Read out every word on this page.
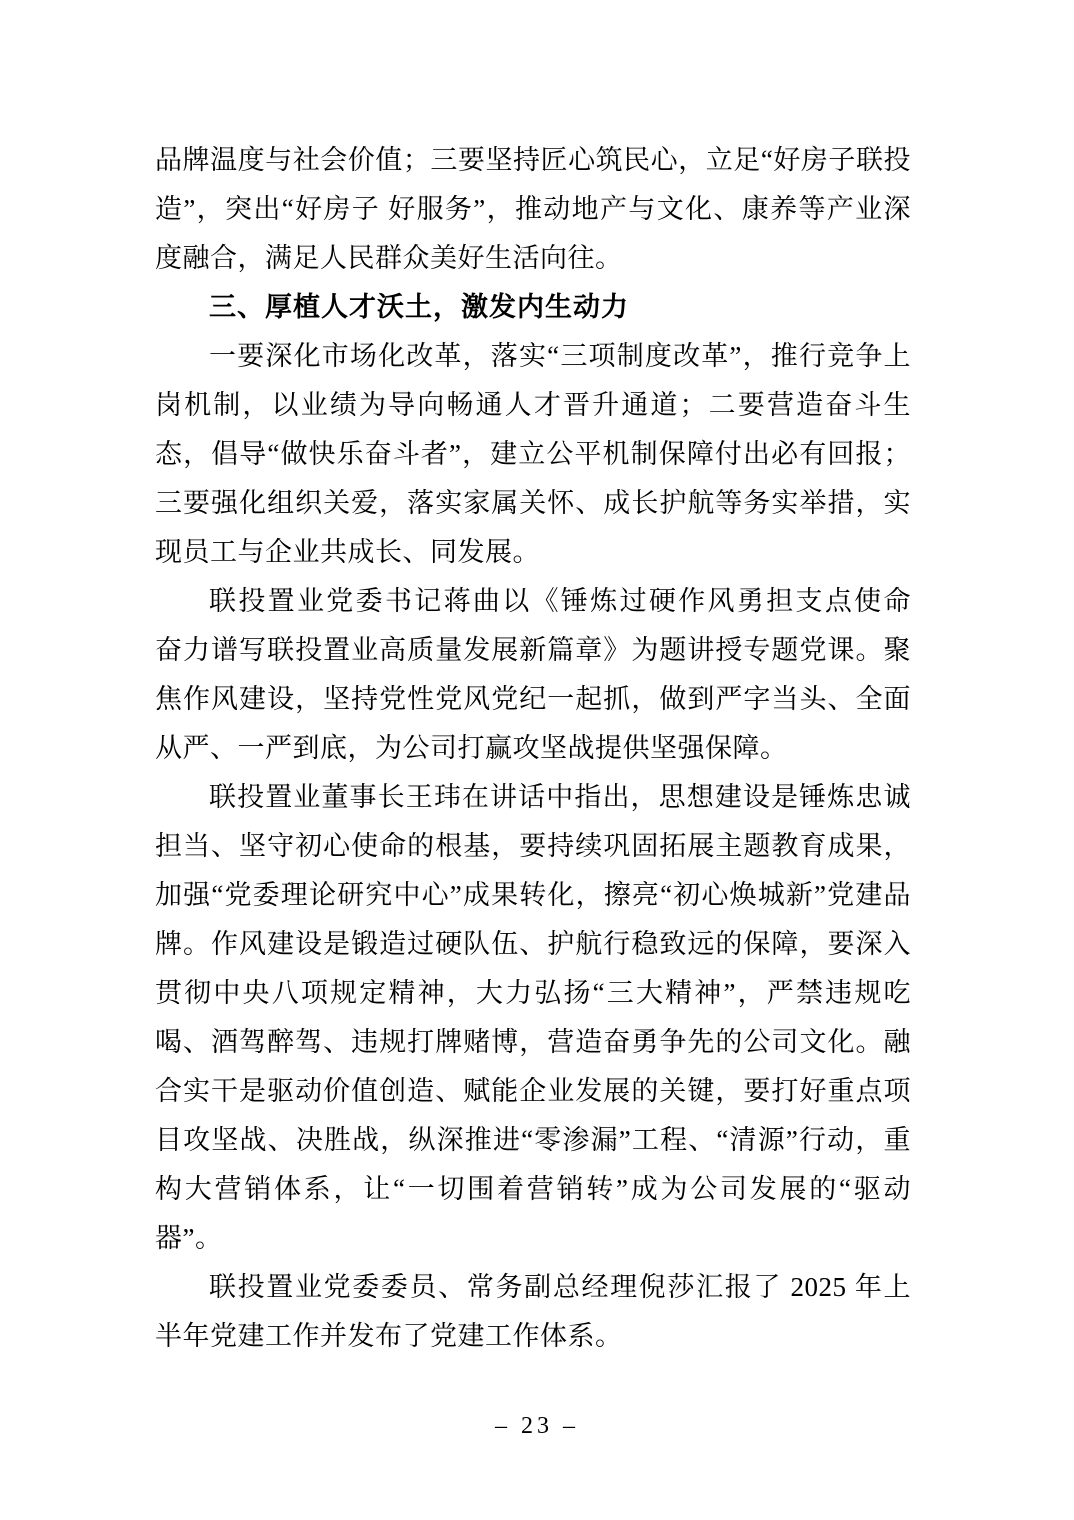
品牌温度与社会价值；三要坚持匠心筑民心，立足“好房子联投造”，突出“好房子 好服务”，推动地产与文化、康养等产业深度融合，满足人民群众美好生活向往。

三、厚植人才沃土，激发内生动力

一要深化市场化改革，落实“三项制度改革”，推行竞争上岗机制，以业绩为导向畅通人才晋升通道；二要营造奋斗生态，倡导“做快乐奋斗者”，建立公平机制保障付出必有回报；三要强化组织关爱，落实家属关怀、成长护航等务实举措，实现员工与企业共成长、同发展。

联投置业党委书记蒋曲以《锤炼过硬作风勇担支点使命　奋力谱写联投置业高质量发展新篇章》为题讲授专题党课。聚焦作风建设，坚持党性党风党纪一起抓，做到严字当头、全面从严、一严到底，为公司打赢攻坚战提供坚强保障。

联投置业董事长王玮在讲话中指出，思想建设是锤炼忠诚担当、坚守初心使命的根基，要持续巩固拓展主题教育成果，加强“党委理论研究中心”成果转化，擦亮“初心焕城新”党建品牌。作风建设是锻造过硬队伍、护航行稳致远的保障，要深入贯彻中央八项规定精神，大力弘扬“三大精神”，严禁违规吃喝、酒驾醉驾、违规打牌赌博，营造奋勇争先的公司文化。融合实干是驱动价值创造、赋能企业发展的关键，要打好重点项目攻坚战、决胜战，纵深推进“零渗漏”工程、“清源”行动，重构大营销体系，让“一切围着营销转”成为公司发展的“驱动器”。

联投置业党委委员、常务副总经理倪莎汇报了 2025 年上半年党建工作并发布了党建工作体系。

– 23 –
